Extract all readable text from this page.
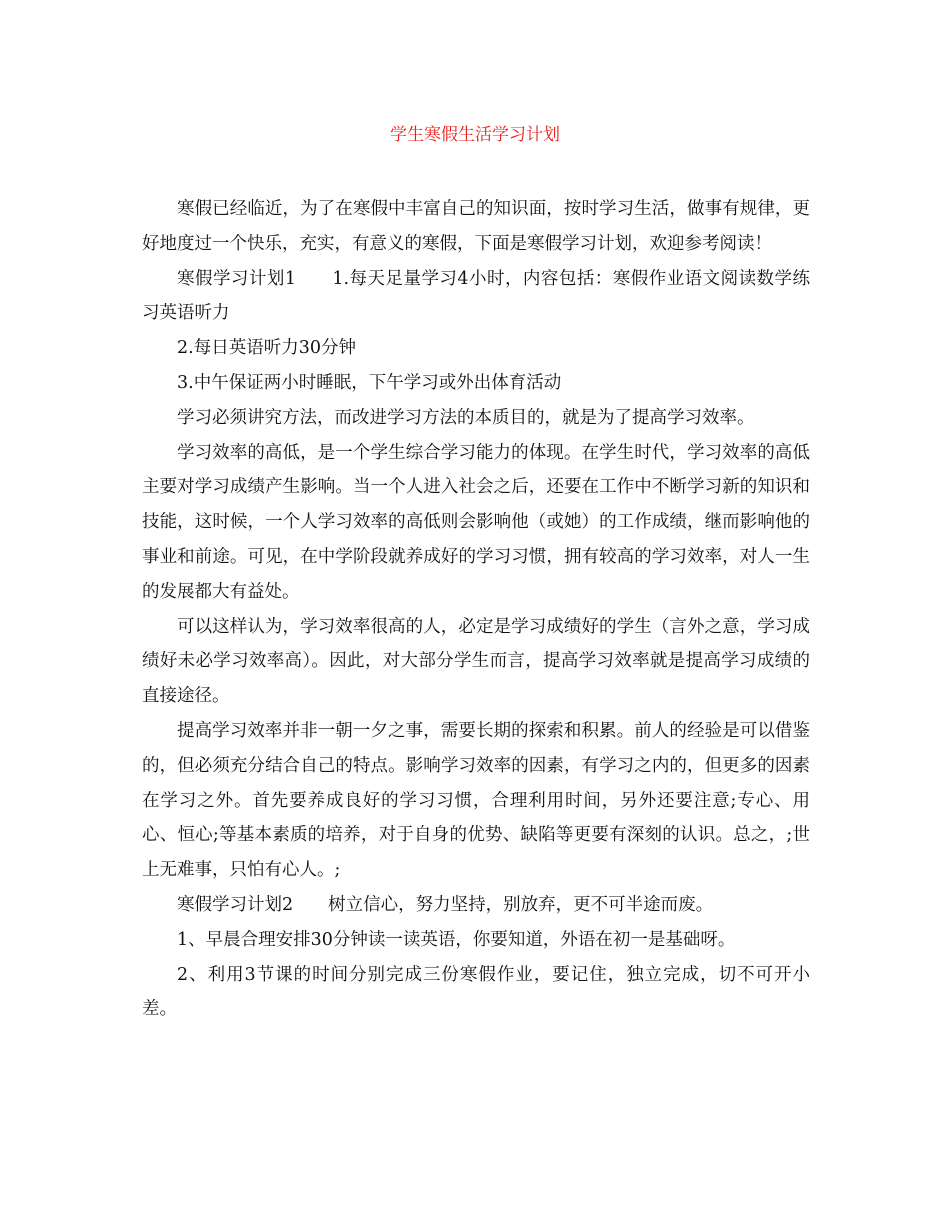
学生寒假生活学习计划

寒假已经临近，为了在寒假中丰富自己的知识面，按时学习生活，做事有规律，更好地度过一个快乐，充实，有意义的寒假，下面是寒假学习计划，欢迎参考阅读！

寒假学习计划1　　1.每天足量学习4小时，内容包括：寒假作业语文阅读数学练习英语听力

2.每日英语听力30分钟

3.中午保证两小时睡眠，下午学习或外出体育活动

学习必须讲究方法，而改进学习方法的本质目的，就是为了提高学习效率。

学习效率的高低，是一个学生综合学习能力的体现。在学生时代，学习效率的高低主要对学习成绩产生影响。当一个人进入社会之后，还要在工作中不断学习新的知识和技能，这时候，一个人学习效率的高低则会影响他（或她）的工作成绩，继而影响他的事业和前途。可见，在中学阶段就养成好的学习习惯，拥有较高的学习效率，对人一生的发展都大有益处。

可以这样认为，学习效率很高的人，必定是学习成绩好的学生（言外之意，学习成绩好未必学习效率高）。因此，对大部分学生而言，提高学习效率就是提高学习成绩的直接途径。

提高学习效率并非一朝一夕之事，需要长期的探索和积累。前人的经验是可以借鉴的，但必须充分结合自己的特点。影响学习效率的因素，有学习之内的，但更多的因素在学习之外。首先要养成良好的学习习惯，合理利用时间，另外还要注意;专心、用心、恒心;等基本素质的培养，对于自身的优势、缺陷等更要有深刻的认识。总之，;世上无难事，只怕有心人。;

寒假学习计划2　　树立信心，努力坚持，别放弃，更不可半途而废。

1、早晨合理安排30分钟读一读英语，你要知道，外语在初一是基础呀。

2、利用3节课的时间分别完成三份寒假作业，要记住，独立完成，切不可开小差。
